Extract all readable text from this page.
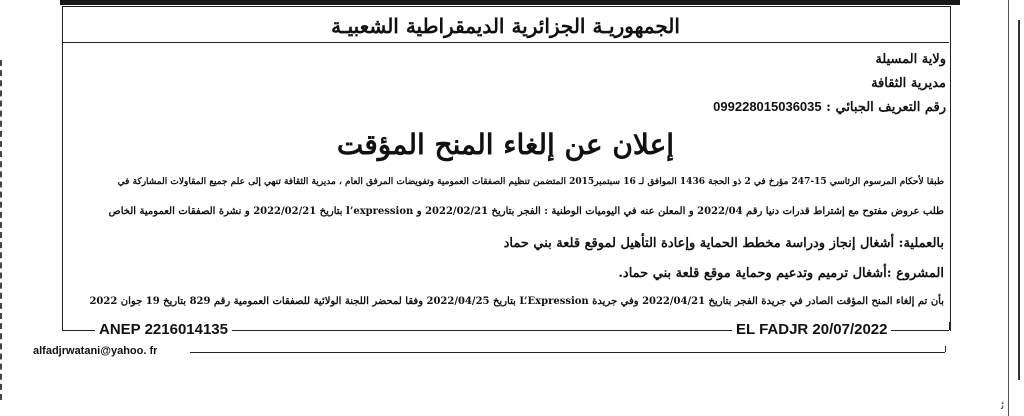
الجمهوريـة الجزائرية الديمقراطية الشعبيـة
ولاية المسيلة
مديرية الثقافة
رقم التعريف الجبائي : 099228015036035
إعلان عن إلغاء المنح المؤقت
طبقا لأحكام المرسوم الرئاسي 15-247 مؤرخ في 2 ذو الحجة 1436 الموافق لـ 16 سبتمبر2015 المتضمن تنظيم الصفقات العمومية وتفويضات المرفق العام ، مديرية الثقافة تنهي إلى علم جميع المقاولات المشاركة في
طلب عروض مفتوح مع إشتراط قدرات دنيا رقم 2022/04 و المعلن عنه في اليوميات الوطنية : الفجر بتاريخ 2022/02/21 و l’expression بتاريخ 2022/02/21 و نشرة الصفقات العمومية الخاص
بالعملية: أشغال إنجاز ودراسة مخطط الحماية وإعادة التأهيل لموقع قلعة بني حماد
المشروع :أشغال ترميم وتدعيم وحماية موقع قلعة بني حماد.
بأن تم إلغاء المنح المؤقت الصادر في جريدة الفجر بتاريخ 2022/04/21 وفي جريدة L’Expression بتاريخ 2022/04/25 وفقا لمحضر اللجنة الولائية للصفقات العمومية رقم 829 بتاريخ 19 جوان 2022
ANEP 2216014135	EL FADJR 20/07/2022
alfadjrwatani@yahoo. fr
ﺋ
